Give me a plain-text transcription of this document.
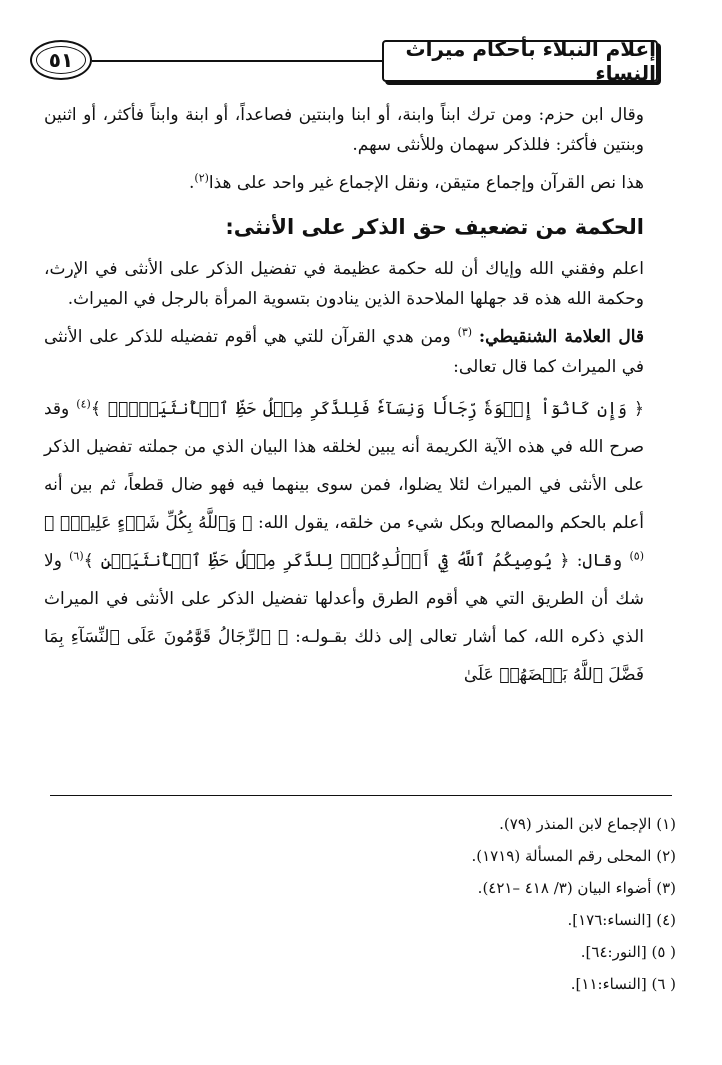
٥١	إعلام النبلاء بأحكام ميراث النساء

وقال ابن حزم: ومن ترك ابناً وابنة، أو ابنا وابنتين فصاعداً، أو ابنة وابناً فأكثر، أو اثنين وبنتين فأكثر: فللذكر سهمان وللأنثى سهم.

هذا نص القرآن وإجماع متيقن، ونقل الإجماع غير واحد على هذا$^{(٢)}$.

الحكمة من تضعيف حق الذكر على الأنثى:

اعلم وفقني الله وإياك أن لله حكمة عظيمة في تفضيل الذكر على الأنثى في الإرث، وحكمة الله هذه قد جهلها الملاحدة الذين ينادون بتسوية المرأة بالرجل في الميراث.

قال العلامة الشنقيطي: $^{(٣)}$ ومن هدي القرآن للتي هي أقوم تفضيله للذكر على الأنثى في الميراث كما قال تعالى:

﴿ وَإِن كَانُوٓاْ إِخۡوَةٗ رِّجَالٗا وَنِسَآءٗ فَلِلذَّكَرِ مِثۡلُ حَظِّ ٱلۡأُنثَيَيۡنِۗ ﴾$^{(٤)}$ وقد صرح الله في هذه الآية الكريمة أنه يبين لخلقه هذا البيان الذي من جملته تفضيل الذكر على الأنثى في الميراث لئلا يضلوا، فمن سوى بينهما فيه فهو ضال قطعاً، ثم بين أنه أعلم بالحكم والمصالح وبكل شيء من خلقه، يقول الله: ﴿ وَٱللَّهُ بِكُلِّ شَيۡءٍ عَلِيمُۢ ﴾$^{(٥)}$ وقال: ﴿ يُوصِيكُمُ ٱللَّهُ فِيٓ أَوۡلَٰدِكُمۡۖ لِلذَّكَرِ مِثۡلُ حَظِّ ٱلۡأُنثَيَيۡنِ ﴾$^{(٦)}$ ولا شك أن الطريق التي هي أقوم الطرق وأعدلها تفضيل الذكر على الأنثى في الميراث الذي ذكره الله، كما أشار تعالى إلى ذلك بقـولـه: ﴿ ٱلرِّجَالُ قَوَّٰمُونَ عَلَى ٱلنِّسَآءِ بِمَا فَضَّلَ ٱللَّهُ بَعۡضَهُمۡ عَلَىٰ

(١) الإجماع لابن المنذر (٧٩).
(٢) المحلى رقم المسألة (١٧١٩).
(٣) أضواء البيان (٣/ ٤١٨ –٤٢١).
(٤) [النساء:١٧٦].
( ٥) [النور:٦٤].
( ٦) [النساء:١١].
